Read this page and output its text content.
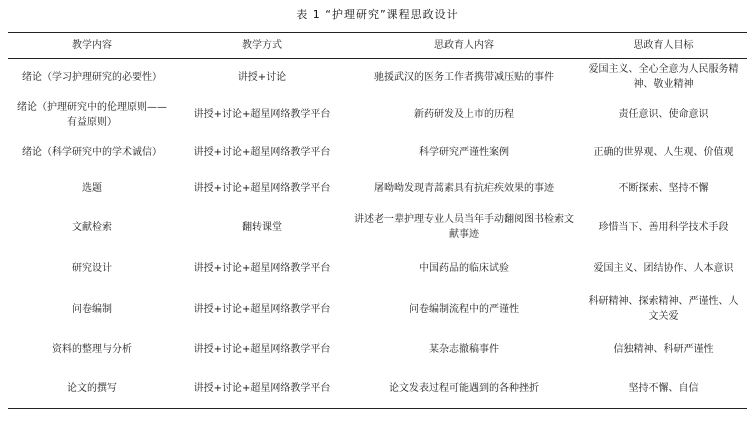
表 1 “护理研究”课程思政设计
教学内容	教学方式	思政育人内容	思政育人目标
绪论（学习护理研究的必要性）	讲授+讨论	驰援武汉的医务工作者携带减压贴的事件	爱国主义、全心全意为人民服务精神、敬业精神
绪论（护理研究中的伦理原则——有益原则）	讲授+讨论+超星网络教学平台	新药研发及上市的历程	责任意识、使命意识
绪论（科学研究中的学术诚信）	讲授+讨论+超星网络教学平台	科学研究严谨性案例	正确的世界观、人生观、价值观
选题	讲授+讨论+超星网络教学平台	屠呦呦发现青蒿素具有抗疟疾效果的事迹	不断探索、坚持不懈
文献检索	翻转课堂	讲述老一辈护理专业人员当年手动翻阅图书检索文献事迹	珍惜当下、善用科学技术手段
研究设计	讲授+讨论+超星网络教学平台	中国药品的临床试验	爱国主义、团结协作、人本意识
问卷编制	讲授+讨论+超星网络教学平台	问卷编制流程中的严谨性	科研精神、探索精神、严谨性、人文关爱
资料的整理与分析	讲授+讨论+超星网络教学平台	某杂志撤稿事件	信独精神、科研严谨性
论文的撰写	讲授+讨论+超星网络教学平台	论文发表过程可能遇到的各种挫折	坚持不懈、自信
